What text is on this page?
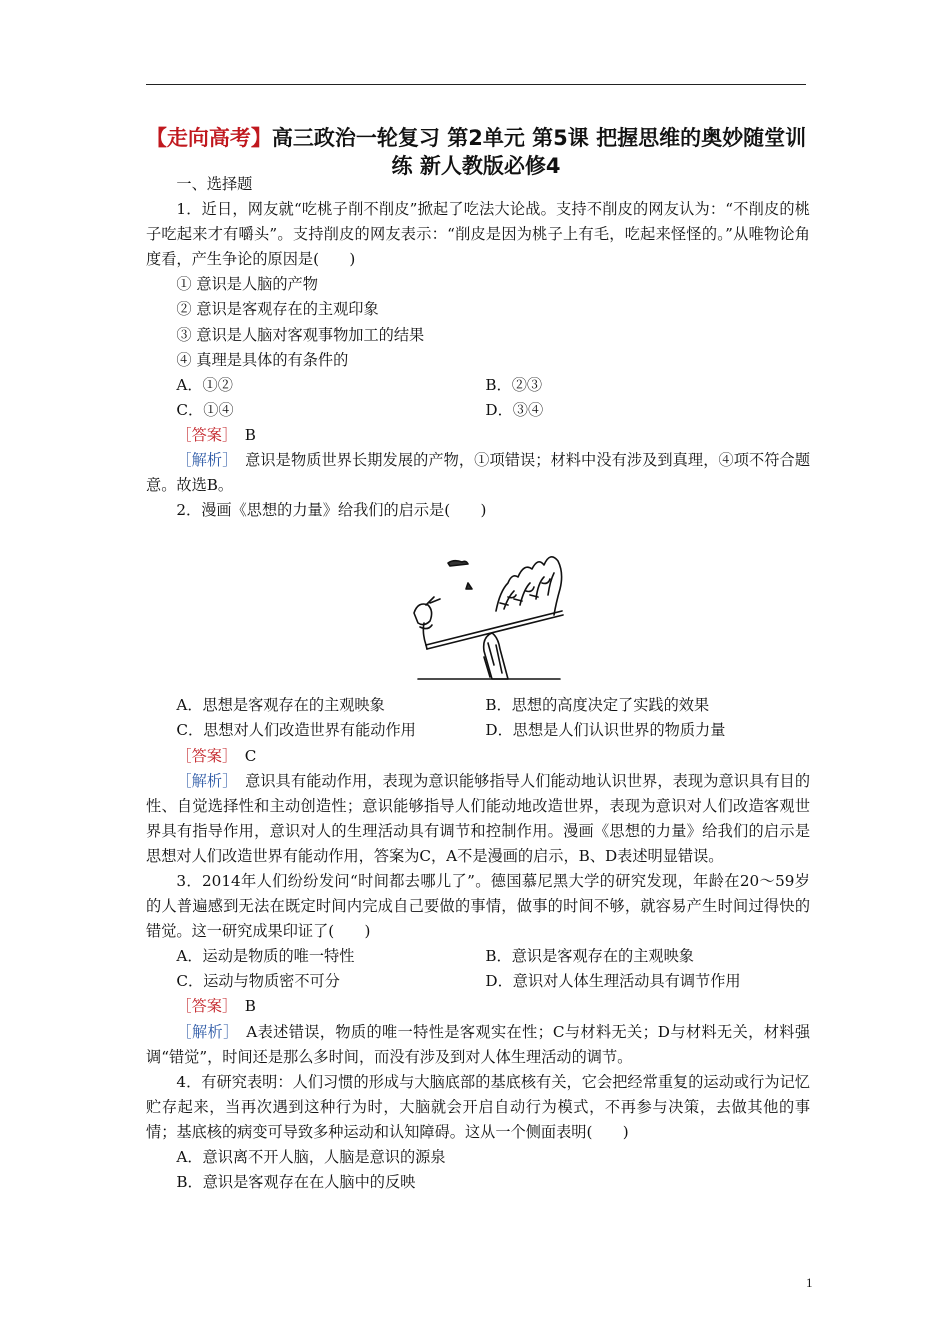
【走向高考】高三政治一轮复习 第2单元 第5课 把握思维的奥妙随堂训练 新人教版必修4

一、选择题

1．近日，网友就“吃桃子削不削皮”掀起了吃法大论战。支持不削皮的网友认为：“不削皮的桃子吃起来才有嚼头”。支持削皮的网友表示：“削皮是因为桃子上有毛，吃起来怪怪的。”从唯物论角度看，产生争论的原因是(　　)

① 意识是人脑的产物

② 意识是客观存在的主观印象

③ 意识是人脑对客观事物加工的结果

④ 真理是具体的有条件的

A．①②	B．②③
C．①④	D．③④

［答案］  B

［解析］  意识是物质世界长期发展的产物，①项错误；材料中没有涉及到真理，④项不符合题意。故选B。

2．漫画《思想的力量》给我们的启示是(　　)

A．思想是客观存在的主观映象	B．思想的高度决定了实践的效果
C．思想对人们改造世界有能动作用	D．思想是人们认识世界的物质力量

［答案］  C

［解析］  意识具有能动作用，表现为意识能够指导人们能动地认识世界，表现为意识具有目的性、自觉选择性和主动创造性；意识能够指导人们能动地改造世界，表现为意识对人们改造客观世界具有指导作用，意识对人的生理活动具有调节和控制作用。漫画《思想的力量》给我们的启示是思想对人们改造世界有能动作用，答案为C，A不是漫画的启示，B、D表述明显错误。

3．2014年人们纷纷发问“时间都去哪儿了”。德国慕尼黑大学的研究发现，年龄在20～59岁的人普遍感到无法在既定时间内完成自己要做的事情，做事的时间不够，就容易产生时间过得快的错觉。这一研究成果印证了(　　)

A．运动是物质的唯一特性	B．意识是客观存在的主观映象
C．运动与物质密不可分	D．意识对人体生理活动具有调节作用

［答案］  B

［解析］  A表述错误，物质的唯一特性是客观实在性；C与材料无关；D与材料无关，材料强调“错觉”，时间还是那么多时间，而没有涉及到对人体生理活动的调节。

4．有研究表明：人们习惯的形成与大脑底部的基底核有关，它会把经常重复的运动或行为记忆贮存起来，当再次遇到这种行为时，大脑就会开启自动行为模式，不再参与决策，去做其他的事情；基底核的病变可导致多种运动和认知障碍。这从一个侧面表明(　　)

A．意识离不开人脑，人脑是意识的源泉

B．意识是客观存在在人脑中的反映

1
